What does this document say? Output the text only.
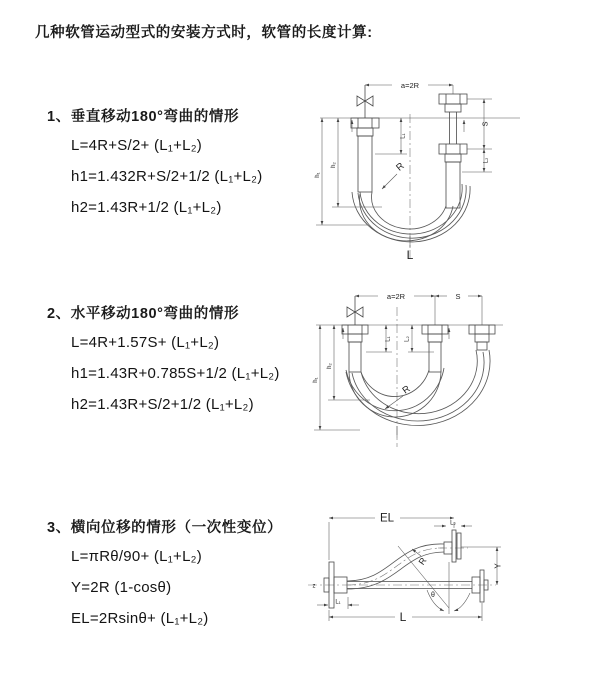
几种软管运动型式的安装方式时，软管的长度计算:
1、垂直移动180°弯曲的情形
L=4R+S/2+ (L₁+L₂)
h1=1.432R+S/2+1/2 (L₁+L₂)
h2=1.43R+1/2 (L₁+L₂)
2、水平移动180°弯曲的情形
L=4R+1.57S+ (L₁+L₂)
h1=1.43R+0.785S+1/2 (L₁+L₂)
h2=1.43R+S/2+1/2 (L₁+L₂)
3、横向位移的情形（一次性变位）
L=πRθ/90+ (L₁+L₂)
Y=2R (1-cosθ)
EL=2Rsinθ+ (L₁+L₂)
a=2R
L₁
S
L₂
h₁
h₂	R
L
a=2R	S
L₁ L₂
h₁
h₂
R
z
EL	L₂
θ
R	Y
L₁
L
